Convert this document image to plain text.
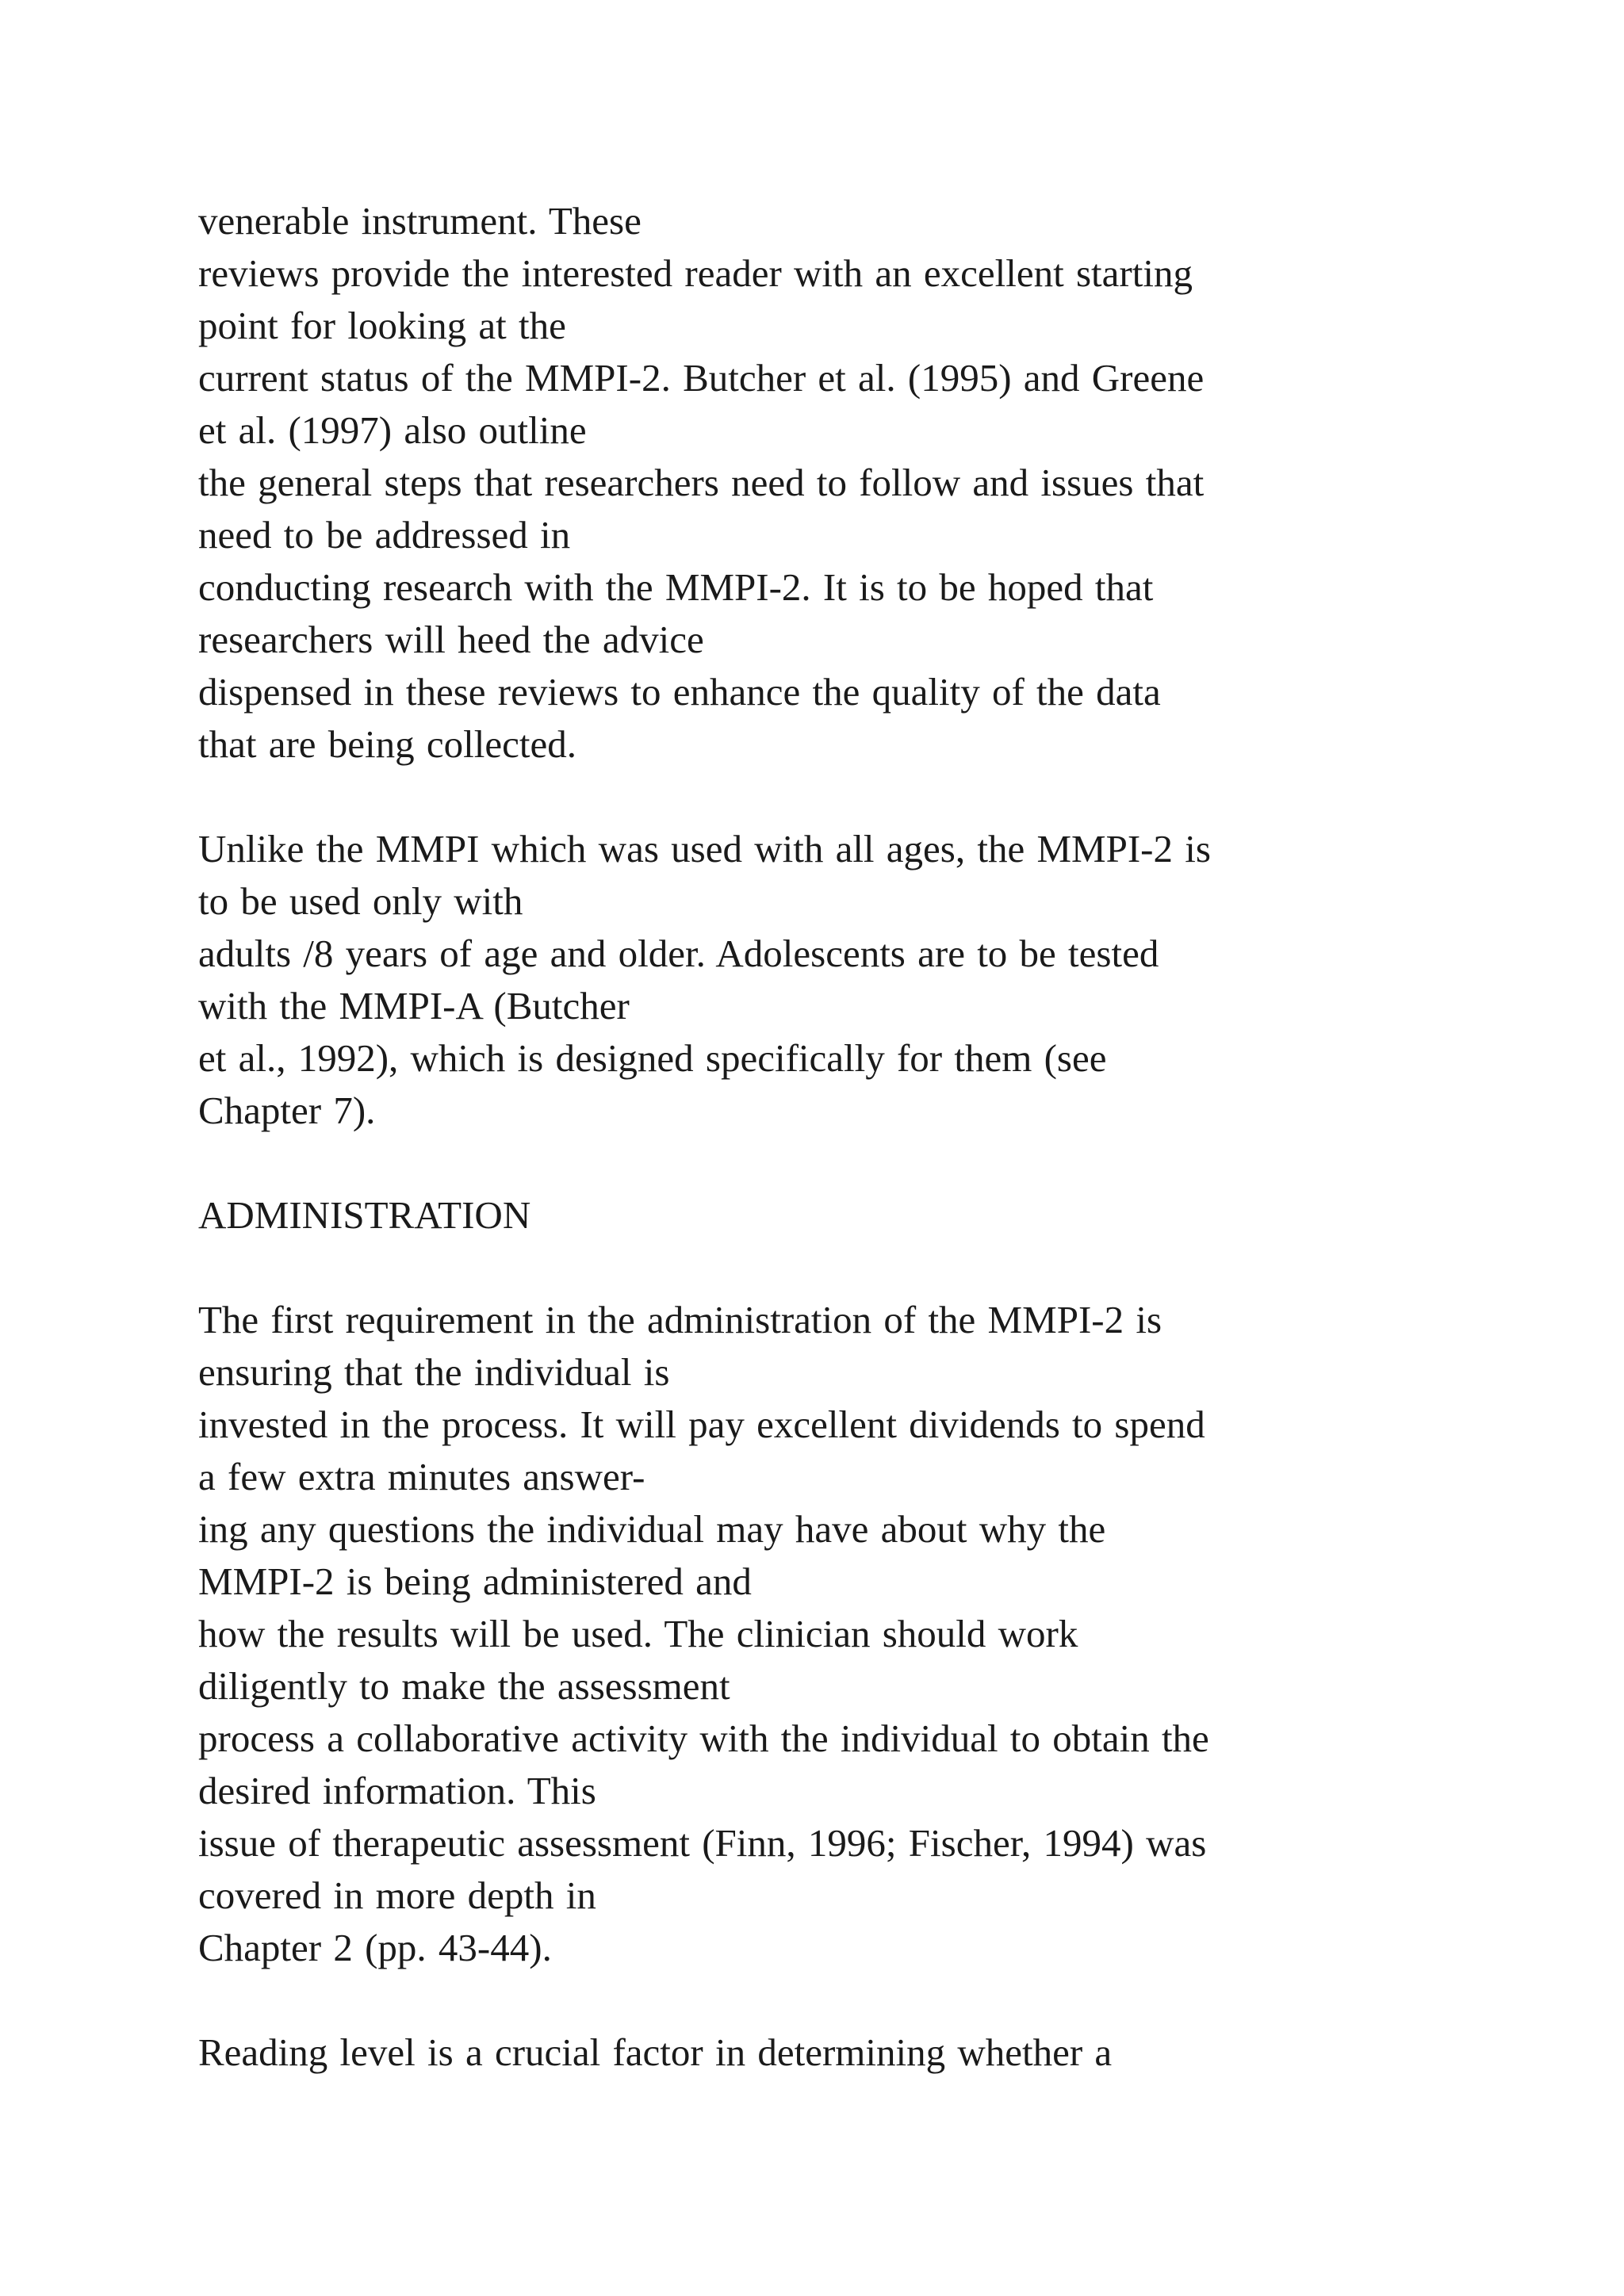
venerable instrument. These
reviews provide the interested reader with an excellent starting
point for looking at the
current status of the MMPI-2. Butcher et al. (1995) and Greene
et al. (1997) also outline
the general steps that researchers need to follow and issues that
need to be addressed in
conducting research with the MMPI-2. It is to be hoped that
researchers will heed the advice
dispensed in these reviews to enhance the quality of the data
that are being collected.
Unlike the MMPI which was used with all ages, the MMPI-2 is
to be used only with
adults /8 years of age and older. Adolescents are to be tested
with the MMPI-A (Butcher
et al., 1992), which is designed specifically for them (see
Chapter 7).
ADMINISTRATION
The first requirement in the administration of the MMPI-2 is
ensuring that the individual is
invested in the process. It will pay excellent dividends to spend
a few extra minutes answer-
ing any questions the individual may have about why the
MMPI-2 is being administered and
how the results will be used. The clinician should work
diligently to make the assessment
process a collaborative activity with the individual to obtain the
desired information. This
issue of therapeutic assessment (Finn, 1996; Fischer, 1994) was
covered in more depth in
Chapter 2 (pp. 43-44).
Reading level is a crucial factor in determining whether a
